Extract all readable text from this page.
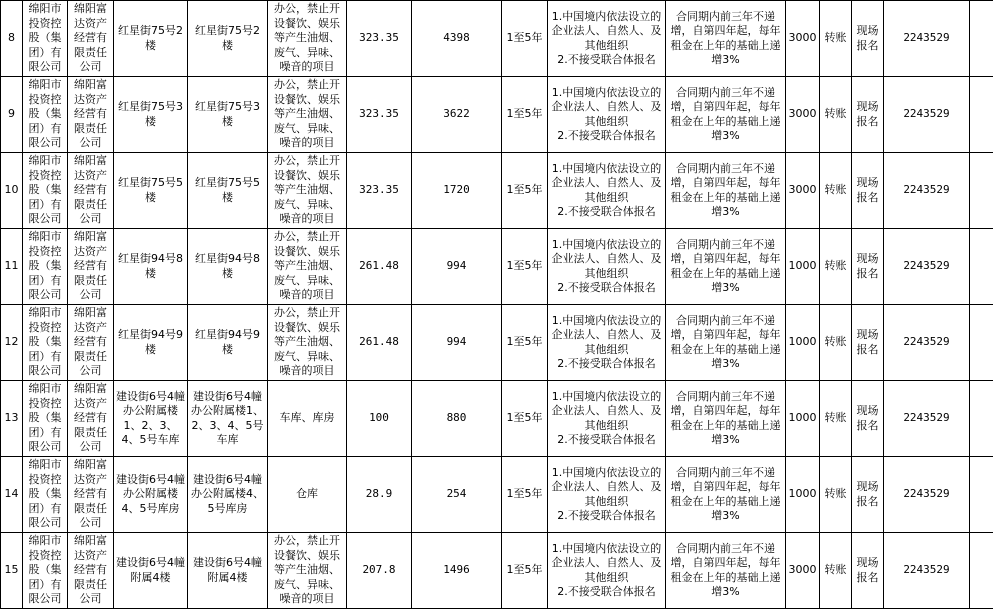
8	绵阳市投资控股（集团）有限公司	绵阳富达资产经营有限责任公司	红星街75号2楼	红星街75号2楼	办公，禁止开设餐饮、娱乐等产生油烟、废气、异味、噪音的项目	323.35	4398	1至5年	1.中国境内依法设立的企业法人、自然人、及其他组织
2.不接受联合体报名	合同期内前三年不递增，自第四年起，每年租金在上年的基础上递增3%	3000	转账	现场报名	2243529	
9	绵阳市投资控股（集团）有限公司	绵阳富达资产经营有限责任公司	红星街75号3楼	红星街75号3楼	办公，禁止开设餐饮、娱乐等产生油烟、废气、异味、噪音的项目	323.35	3622	1至5年	1.中国境内依法设立的企业法人、自然人、及其他组织
2.不接受联合体报名	合同期内前三年不递增，自第四年起，每年租金在上年的基础上递增3%	3000	转账	现场报名	2243529	
10	绵阳市投资控股（集团）有限公司	绵阳富达资产经营有限责任公司	红星街75号5楼	红星街75号5楼	办公，禁止开设餐饮、娱乐等产生油烟、废气、异味、噪音的项目	323.35	1720	1至5年	1.中国境内依法设立的企业法人、自然人、及其他组织
2.不接受联合体报名	合同期内前三年不递增，自第四年起，每年租金在上年的基础上递增3%	3000	转账	现场报名	2243529	
11	绵阳市投资控股（集团）有限公司	绵阳富达资产经营有限责任公司	红星街94号8楼	红星街94号8楼	办公，禁止开设餐饮、娱乐等产生油烟、废气、异味、噪音的项目	261.48	994	1至5年	1.中国境内依法设立的企业法人、自然人、及其他组织
2.不接受联合体报名	合同期内前三年不递增，自第四年起，每年租金在上年的基础上递增3%	1000	转账	现场报名	2243529	
12	绵阳市投资控股（集团）有限公司	绵阳富达资产经营有限责任公司	红星街94号9楼	红星街94号9楼	办公，禁止开设餐饮、娱乐等产生油烟、废气、异味、噪音的项目	261.48	994	1至5年	1.中国境内依法设立的企业法人、自然人、及其他组织
2.不接受联合体报名	合同期内前三年不递增，自第四年起，每年租金在上年的基础上递增3%	1000	转账	现场报名	2243529	
13	绵阳市投资控股（集团）有限公司	绵阳富达资产经营有限责任公司	建设街6号4幢办公附属楼1、2、3、4、5号车库	建设街6号4幢办公附属楼1、2、3、4、5号车库	车库、库房	100	880	1至5年	1.中国境内依法设立的企业法人、自然人、及其他组织
2.不接受联合体报名	合同期内前三年不递增，自第四年起，每年租金在上年的基础上递增3%	1000	转账	现场报名	2243529	
14	绵阳市投资控股（集团）有限公司	绵阳富达资产经营有限责任公司	建设街6号4幢办公附属楼4、5号库房	建设街6号4幢办公附属楼4、5号库房	仓库	28.9	254	1至5年	1.中国境内依法设立的企业法人、自然人、及其他组织
2.不接受联合体报名	合同期内前三年不递增，自第四年起，每年租金在上年的基础上递增3%	1000	转账	现场报名	2243529	
15	绵阳市投资控股（集团）有限公司	绵阳富达资产经营有限责任公司	建设街6号4幢附属4楼	建设街6号4幢附属4楼	办公，禁止开设餐饮、娱乐等产生油烟、废气、异味、噪音的项目	207.8	1496	1至5年	1.中国境内依法设立的企业法人、自然人、及其他组织
2.不接受联合体报名	合同期内前三年不递增，自第四年起，每年租金在上年的基础上递增3%	3000	转账	现场报名	2243529	
